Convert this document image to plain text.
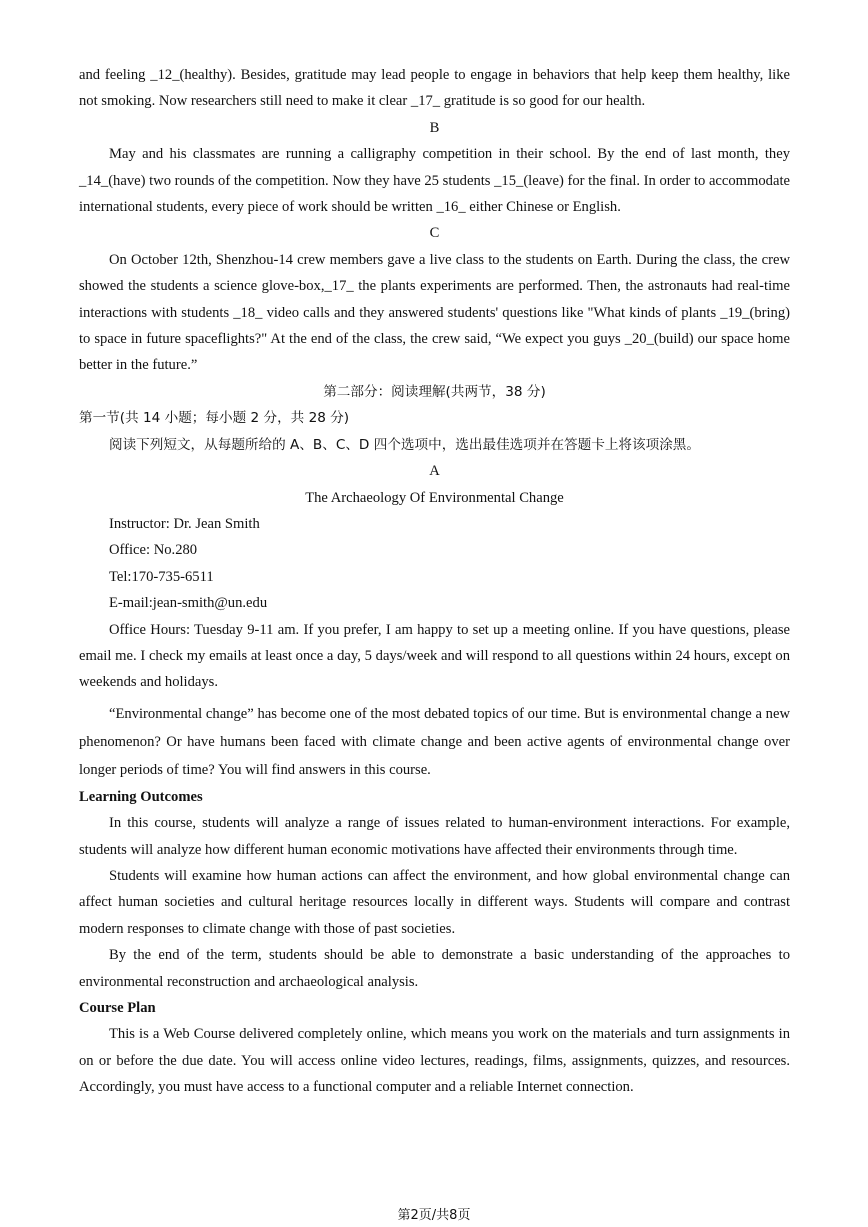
and feeling _12_(healthy). Besides, gratitude may lead people to engage in behaviors that help keep them healthy, like not smoking. Now researchers still need to make it clear _17_ gratitude is so good for our health.

B

May and his classmates are running a calligraphy competition in their school. By the end of last month, they _14_(have) two rounds of the competition. Now they have 25 students _15_(leave) for the final. In order to accommodate international students, every piece of work should be written _16_ either Chinese or English.

C

On October 12th, Shenzhou-14 crew members gave a live class to the students on Earth. During the class, the crew showed the students a science glove-box,_17_ the plants experiments are performed. Then, the astronauts had real-time interactions with students _18_ video calls and they answered students' questions like "What kinds of plants _19_(bring) to space in future spaceflights?" At the end of the class, the crew said, “We expect you guys _20_(build) our space home better in the future.”

第二部分：阅读理解(共两节，38 分)

第一节(共 14 小题；每小题 2 分，共 28 分)

阅读下列短文，从每题所给的 A、B、C、D 四个选项中，选出最佳选项并在答题卡上将该项涂黑。

A

The Archaeology Of Environmental Change

Instructor: Dr. Jean Smith

Office: No.280

Tel:170-735-6511

E-mail:jean-smith@un.edu

Office Hours: Tuesday 9-11 am. If you prefer, I am happy to set up a meeting online. If you have questions, please email me. I check my emails at least once a day, 5 days/week and will respond to all questions within 24 hours, except on weekends and holidays.

“Environmental change” has become one of the most debated topics of our time. But is environmental change a new phenomenon? Or have humans been faced with climate change and been active agents of environmental change over longer periods of time? You will find answers in this course.

Learning Outcomes

In this course, students will analyze a range of issues related to human-environment interactions. For example, students will analyze how different human economic motivations have affected their environments through time.

Students will examine how human actions can affect the environment, and how global environmental change can affect human societies and cultural heritage resources locally in different ways. Students will compare and contrast modern responses to climate change with those of past societies.

By the end of the term, students should be able to demonstrate a basic understanding of the approaches to environmental reconstruction and archaeological analysis.

Course Plan

This is a Web Course delivered completely online, which means you work on the materials and turn assignments in on or before the due date. You will access online video lectures, readings, films, assignments, quizzes, and resources. Accordingly, you must have access to a functional computer and a reliable Internet connection.

第2页/共8页
